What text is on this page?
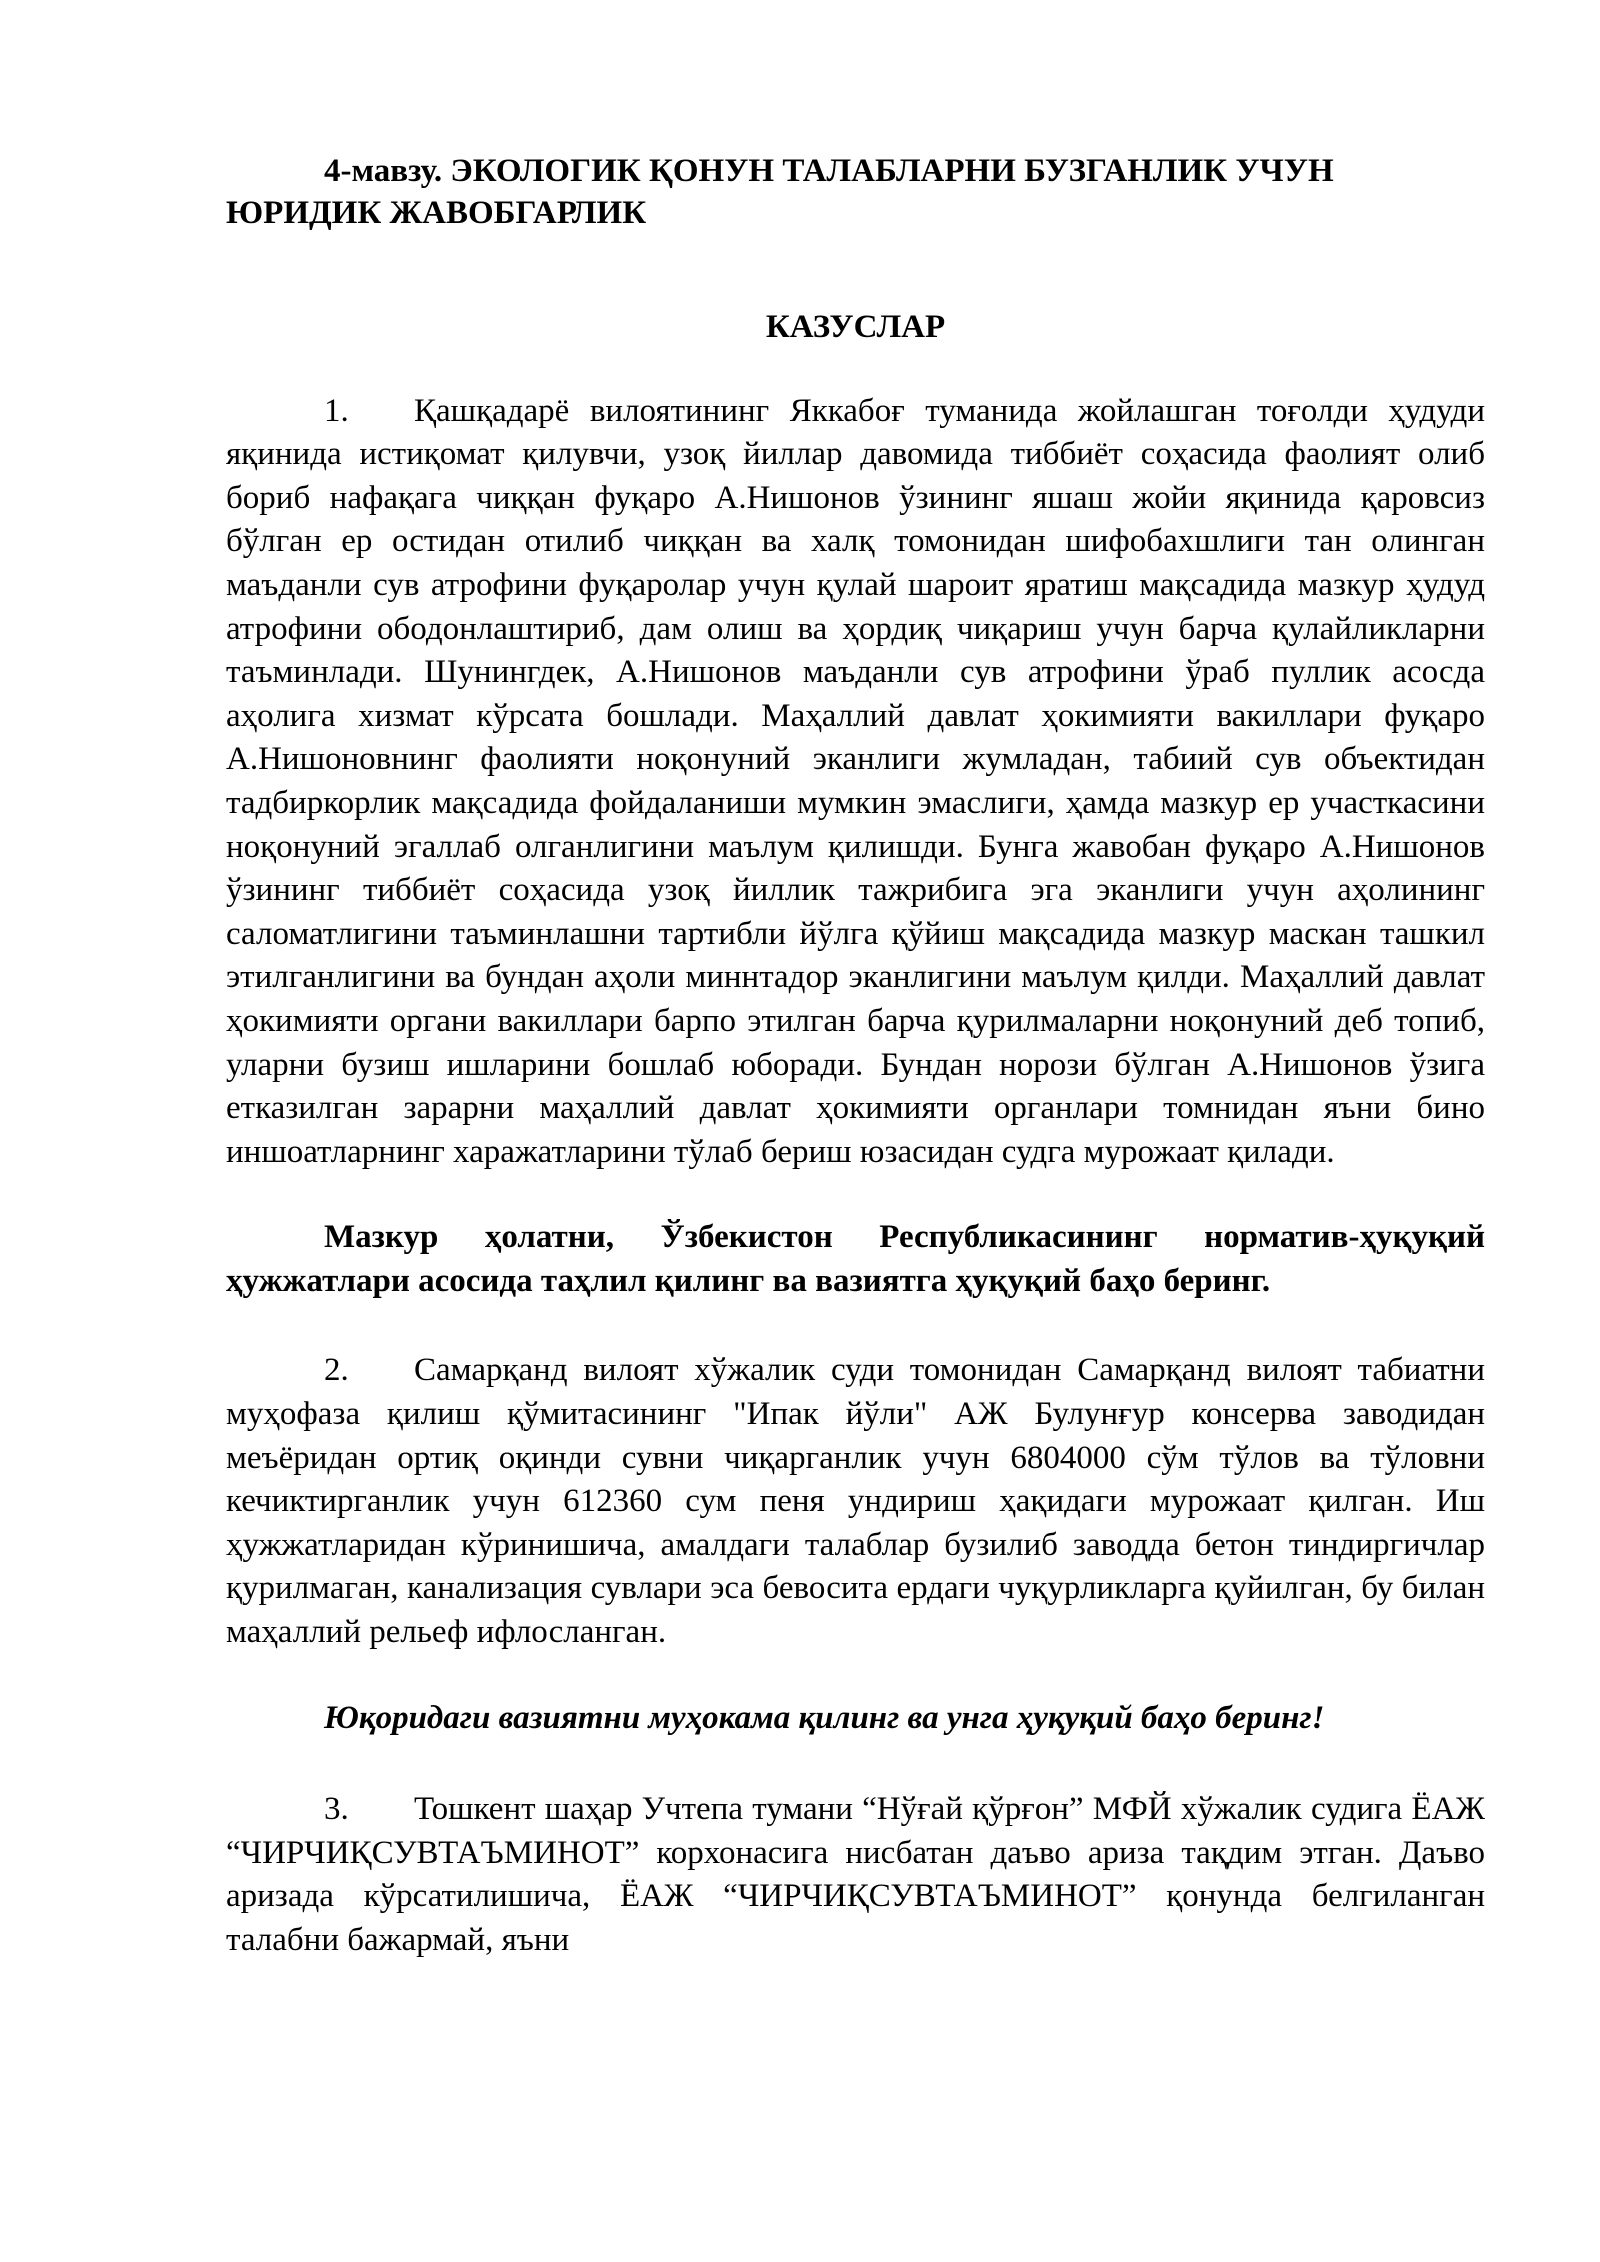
4-мавзу. ЭКОЛОГИК ҚОНУН ТАЛАБЛАРНИ БУЗГАНЛИК УЧУН ЮРИДИК ЖАВОБГАРЛИК

КАЗУСЛАР

1. Қашқадарё вилоятининг Яккабоғ туманида жойлашган тоғолди ҳудуди яқинида истиқомат қилувчи, узоқ йиллар давомида тиббиёт соҳасида фаолият олиб бориб нафақага чиққан фуқаро А.Нишонов ўзининг яшаш жойи яқинида қаровсиз бўлган ер остидан отилиб чиққан ва халқ томонидан шифобахшлиги тан олинган маъданли сув атрофини фуқаролар учун қулай шароит яратиш мақсадида мазкур ҳудуд атрофини ободонлаштириб, дам олиш ва ҳордиқ чиқариш учун барча қулайликларни таъминлади. Шунингдек, А.Нишонов маъданли сув атрофини ўраб пуллик асосда аҳолига хизмат кўрсата бошлади. Маҳаллий давлат ҳокимияти вакиллари фуқаро А.Нишоновнинг фаолияти ноқонуний эканлиги жумладан, табиий сув объектидан тадбиркорлик мақсадида фойдаланиши мумкин эмаслиги, ҳамда мазкур ер участкасини ноқонуний эгаллаб олганлигини маълум қилишди. Бунга жавобан фуқаро А.Нишонов ўзининг тиббиёт соҳасида узоқ йиллик тажрибига эга эканлиги учун аҳолининг саломатлигини таъминлашни тартибли йўлга қўйиш мақсадида мазкур маскан ташкил этилганлигини ва бундан аҳоли миннтадор эканлигини маълум қилди. Маҳаллий давлат ҳокимияти органи вакиллари барпо этилган барча қурилмаларни ноқонуний деб топиб, уларни бузиш ишларини бошлаб юборади. Бундан норози бўлган А.Нишонов ўзига етказилган зарарни маҳаллий давлат ҳокимияти органлари томнидан яъни бино иншоатларнинг харажатларини тўлаб бериш юзасидан судга мурожаат қилади.

Мазкур ҳолатни, Ўзбекистон Республикасининг норматив-ҳуқуқий ҳужжатлари асосида таҳлил қилинг ва вазиятга ҳуқуқий баҳо беринг.

2. Самарқанд вилоят хўжалик суди томонидан Самарқанд вилоят табиатни муҳофаза қилиш қўмитасининг "Ипак йўли" АЖ Булунғур консерва заводидан меъёридан ортиқ оқинди сувни чиқарганлик учун 6804000 сўм тўлов ва тўловни кечиктирганлик учун 612360 сум пеня ундириш ҳақидаги мурожаат қилган. Иш ҳужжатларидан кўринишича, амалдаги талаблар бузилиб заводда бетон тиндиргичлар қурилмаган, канализация сувлари эса бевосита ердаги чуқурликларга қуйилган, бу билан маҳаллий рельеф ифлосланган.

Юқоридаги вазиятни муҳокама қилинг ва унга ҳуқуқий баҳо беринг!

3. Тошкент шаҳар Учтепа тумани “Нўғай қўрғон” МФЙ хўжалик судига ЁАЖ “ЧИРЧИҚСУВТАЪМИНОТ” корхонасига нисбатан даъво ариза тақдим этган. Даъво аризада кўрсатилишича, ЁАЖ “ЧИРЧИҚСУВТАЪМИНОТ” қонунда белгиланган талабни бажармай, яъни
